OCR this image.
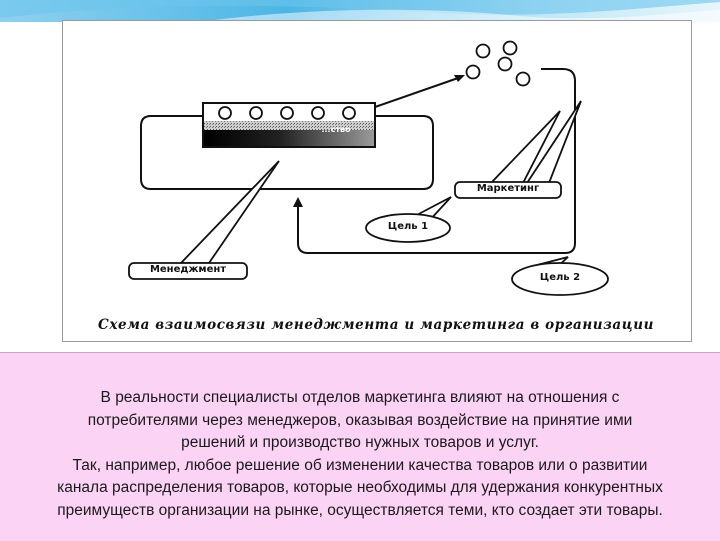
...ство
Маркетинг
Цель 1
Цель 2
Менеджмент
Схема взаимосвязи менеджмента и маркетинга в организации

В реальности специалисты отделов маркетинга влияют на отношения с

потребителями через менеджеров, оказывая воздействие на принятие ими

решений и производство нужных товаров и услуг.

Так, например, любое решение об изменении качества товаров или о развитии

канала распределения товаров, которые необходимы для удержания конкурентных

преимуществ организации на рынке, осуществляется теми, кто создает эти товары.
